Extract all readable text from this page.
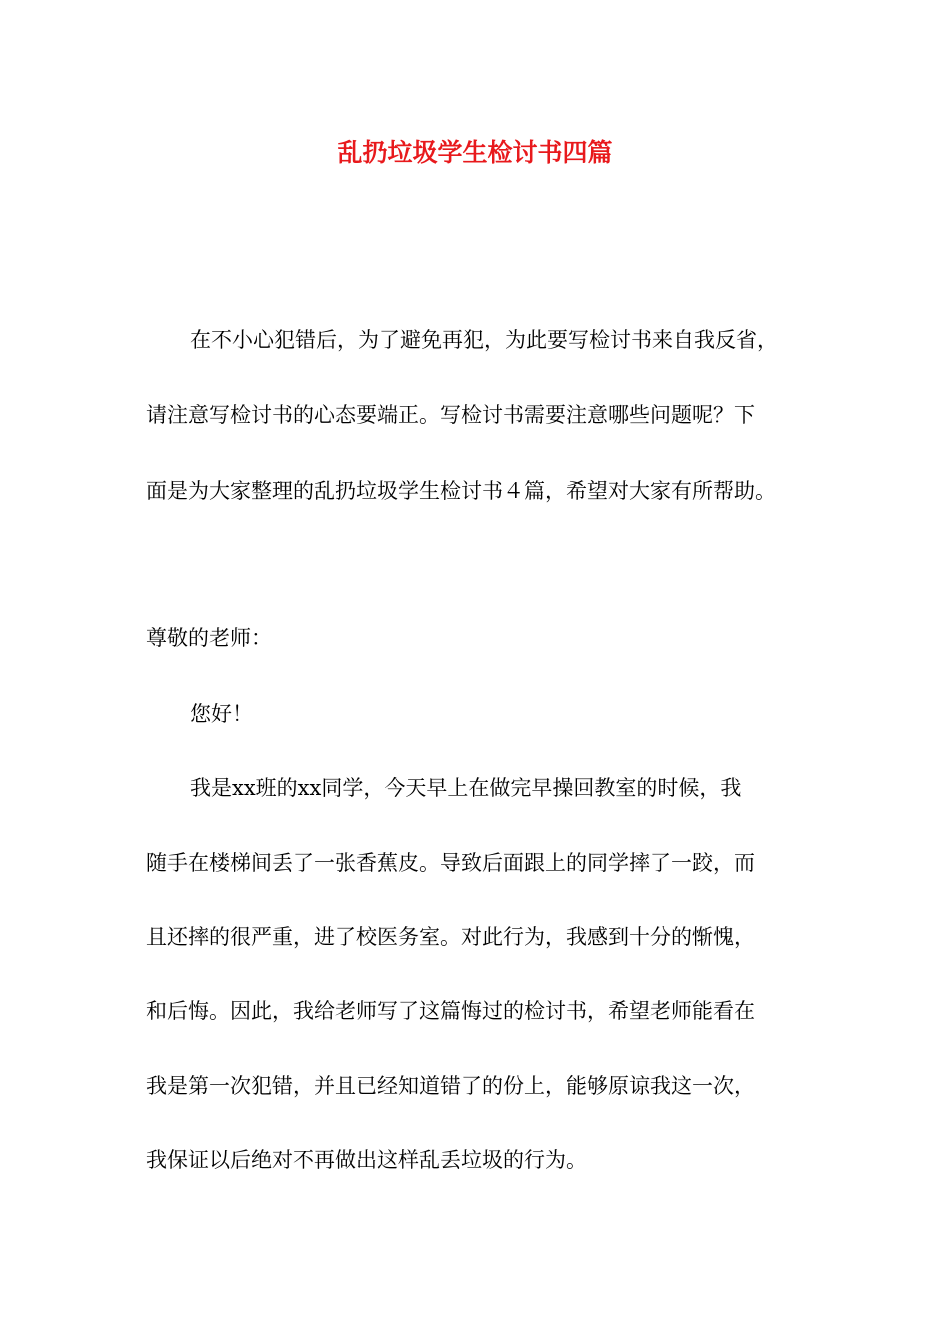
乱扔垃圾学生检讨书四篇

在不小心犯错后，为了避免再犯，为此要写检讨书来自我反省，

请注意写检讨书的心态要端正。写检讨书需要注意哪些问题呢？下

面是为大家整理的乱扔垃圾学生检讨书４篇，希望对大家有所帮助。

尊敬的老师：

您好！

我是xx班的xx同学，今天早上在做完早操回教室的时候，我

随手在楼梯间丢了一张香蕉皮。导致后面跟上的同学摔了一跤，而

且还摔的很严重，进了校医务室。对此行为，我感到十分的惭愧，

和后悔。因此，我给老师写了这篇悔过的检讨书，希望老师能看在

我是第一次犯错，并且已经知道错了的份上，能够原谅我这一次，

我保证以后绝对不再做出这样乱丢垃圾的行为。
